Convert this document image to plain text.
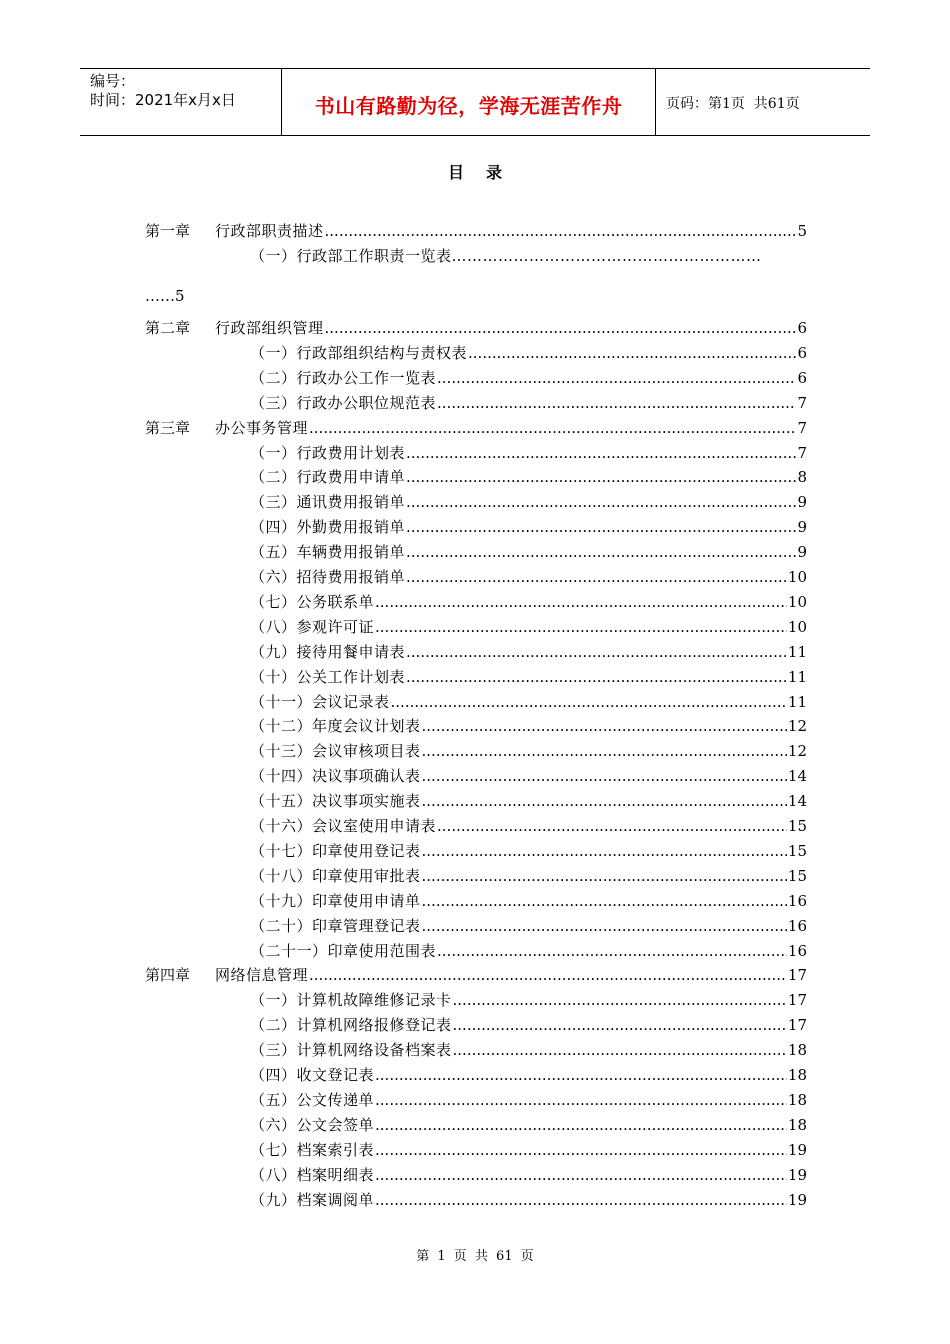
编号：
时间：2021年x月x日	书山有路勤为径，学海无涯苦作舟	页码：第1页  共61页
目 录
第一章	行政部职责描述 .....	5
（一）行政部工作职责一览表……………………………………………………
……5
第二章	行政部组织管理 .....	6
（一）行政部组织结构与责权表 .....	6
（二）行政办公工作一览表 .....	6
（三）行政办公职位规范表 .....	7
第三章	办公事务管理 .....	7
（一）行政费用计划表 .....	7
（二）行政费用申请单 .....	8
（三）通讯费用报销单 .....	9
（四）外勤费用报销单 .....	9
（五）车辆费用报销单 .....	9
（六）招待费用报销单 .....	10
（七）公务联系单 .....	10
（八）参观许可证 .....	10
（九）接待用餐申请表 .....	11
（十）公关工作计划表 .....	11
（十一）会议记录表 .....	11
（十二）年度会议计划表 .....	12
（十三）会议审核项目表 .....	12
（十四）决议事项确认表 .....	14
（十五）决议事项实施表 .....	14
（十六）会议室使用申请表 .....	15
（十七）印章使用登记表 .....	15
（十八）印章使用审批表 .....	15
（十九）印章使用申请单 .....	16
（二十）印章管理登记表 .....	16
（二十一）印章使用范围表 .....	16
第四章	网络信息管理 .....	17
（一）计算机故障维修记录卡 .....	17
（二）计算机网络报修登记表 .....	17
（三）计算机网络设备档案表 .....	18
（四）收文登记表 .....	18
（五）公文传递单 .....	18
（六）公文会签单 .....	18
（七）档案索引表 .....	19
（八）档案明细表 .....	19
（九）档案调阅单 .....	19
第 1 页 共 61 页
